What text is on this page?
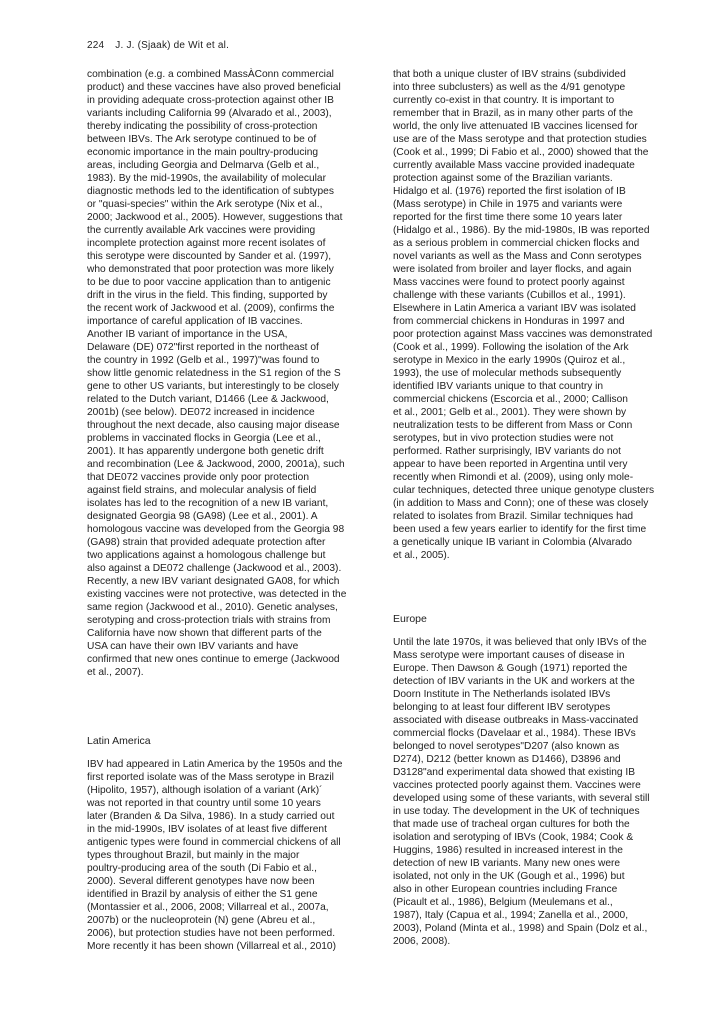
224 J. J. (Sjaak) de Wit et al.

combination (e.g. a combined MassÀConn commercial
product) and these vaccines have also proved beneficial
in providing adequate cross-protection against other IB
variants including California 99 (Alvarado et al., 2003),
thereby indicating the possibility of cross-protection
between IBVs. The Ark serotype continued to be of
economic importance in the main poultry-producing
areas, including Georgia and Delmarva (Gelb et al.,
1983). By the mid-1990s, the availability of molecular
diagnostic methods led to the identification of subtypes
or "quasi-species" within the Ark serotype (Nix et al.,
2000; Jackwood et al., 2005). However, suggestions that
the currently available Ark vaccines were providing
incomplete protection against more recent isolates of
this serotype were discounted by Sander et al. (1997),
who demonstrated that poor protection was more likely
to be due to poor vaccine application than to antigenic
drift in the virus in the field. This finding, supported by
the recent work of Jackwood et al. (2009), confirms the
importance of careful application of IB vaccines.
Another IB variant of importance in the USA,
Delaware (DE) 072"first reported in the northeast of
the country in 1992 (Gelb et al., 1997)"was found to
show little genomic relatedness in the S1 region of the S
gene to other US variants, but interestingly to be closely
related to the Dutch variant, D1466 (Lee & Jackwood,
2001b) (see below). DE072 increased in incidence
throughout the next decade, also causing major disease
problems in vaccinated flocks in Georgia (Lee et al.,
2001). It has apparently undergone both genetic drift
and recombination (Lee & Jackwood, 2000, 2001a), such
that DE072 vaccines provide only poor protection
against field strains, and molecular analysis of field
isolates has led to the recognition of a new IB variant,
designated Georgia 98 (GA98) (Lee et al., 2001). A
homologous vaccine was developed from the Georgia 98
(GA98) strain that provided adequate protection after
two applications against a homologous challenge but
also against a DE072 challenge (Jackwood et al., 2003).
Recently, a new IBV variant designated GA08, for which
existing vaccines were not protective, was detected in the
same region (Jackwood et al., 2010). Genetic analyses,
serotyping and cross-protection trials with strains from
California have now shown that different parts of the
USA can have their own IBV variants and have
confirmed that new ones continue to emerge (Jackwood
et al., 2007).

Latin America

IBV had appeared in Latin America by the 1950s and the
first reported isolate was of the Mass serotype in Brazil
(Hipolito, 1957), although isolation of a variant (Ark)´
was not reported in that country until some 10 years
later (Branden & Da Silva, 1986). In a study carried out
in the mid-1990s, IBV isolates of at least five different
antigenic types were found in commercial chickens of all
types throughout Brazil, but mainly in the major
poultry-producing area of the south (Di Fabio et al.,
2000). Several different genotypes have now been
identified in Brazil by analysis of either the S1 gene
(Montassier et al., 2006, 2008; Villarreal et al., 2007a,
2007b) or the nucleoprotein (N) gene (Abreu et al.,
2006), but protection studies have not been performed.
More recently it has been shown (Villarreal et al., 2010)

that both a unique cluster of IBV strains (subdivided
into three subclusters) as well as the 4/91 genotype
currently co-exist in that country. It is important to
remember that in Brazil, as in many other parts of the
world, the only live attenuated IB vaccines licensed for
use are of the Mass serotype and that protection studies
(Cook et al., 1999; Di Fabio et al., 2000) showed that the
currently available Mass vaccine provided inadequate
protection against some of the Brazilian variants.
Hidalgo et al. (1976) reported the first isolation of IB
(Mass serotype) in Chile in 1975 and variants were
reported for the first time there some 10 years later
(Hidalgo et al., 1986). By the mid-1980s, IB was reported
as a serious problem in commercial chicken flocks and
novel variants as well as the Mass and Conn serotypes
were isolated from broiler and layer flocks, and again
Mass vaccines were found to protect poorly against
challenge with these variants (Cubillos et al., 1991).
Elsewhere in Latin America a variant IBV was isolated
from commercial chickens in Honduras in 1997 and
poor protection against Mass vaccines was demonstrated
(Cook et al., 1999). Following the isolation of the Ark
serotype in Mexico in the early 1990s (Quiroz et al.,
1993), the use of molecular methods subsequently
identified IBV variants unique to that country in
commercial chickens (Escorcia et al., 2000; Callison
et al., 2001; Gelb et al., 2001). They were shown by
neutralization tests to be different from Mass or Conn
serotypes, but in vivo protection studies were not
performed. Rather surprisingly, IBV variants do not
appear to have been reported in Argentina until very
recently when Rimondi et al. (2009), using only mole-
cular techniques, detected three unique genotype clusters
(in addition to Mass and Conn); one of these was closely
related to isolates from Brazil. Similar techniques had
been used a few years earlier to identify for the first time
a genetically unique IB variant in Colombia (Alvarado
et al., 2005).

Europe

Until the late 1970s, it was believed that only IBVs of the
Mass serotype were important causes of disease in
Europe. Then Dawson & Gough (1971) reported the
detection of IBV variants in the UK and workers at the
Doorn Institute in The Netherlands isolated IBVs
belonging to at least four different IBV serotypes
associated with disease outbreaks in Mass-vaccinated
commercial flocks (Davelaar et al., 1984). These IBVs
belonged to novel serotypes"D207 (also known as
D274), D212 (better known as D1466), D3896 and
D3128"and experimental data showed that existing IB
vaccines protected poorly against them. Vaccines were
developed using some of these variants, with several still
in use today. The development in the UK of techniques
that made use of tracheal organ cultures for both the
isolation and serotyping of IBVs (Cook, 1984; Cook &
Huggins, 1986) resulted in increased interest in the
detection of new IB variants. Many new ones were
isolated, not only in the UK (Gough et al., 1996) but
also in other European countries including France
(Picault et al., 1986), Belgium (Meulemans et al.,
1987), Italy (Capua et al., 1994; Zanella et al., 2000,
2003), Poland (Minta et al., 1998) and Spain (Dolz et al.,
2006, 2008).
